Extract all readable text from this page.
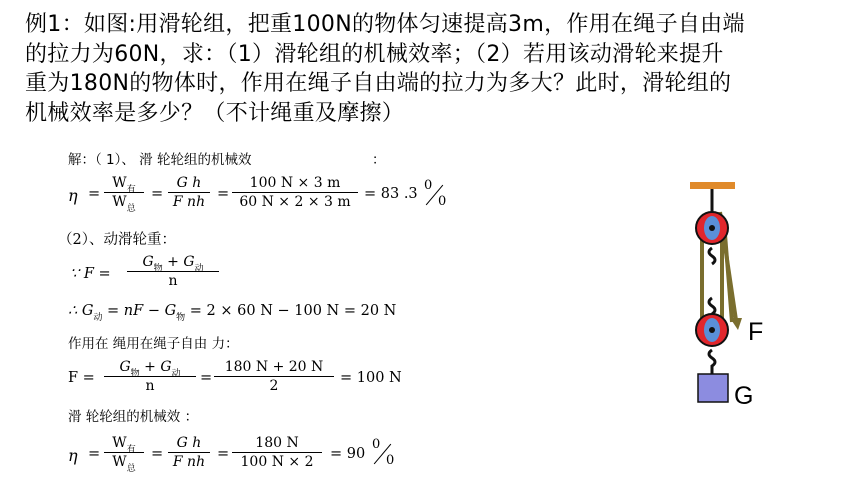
例1：如图:用滑轮组，把重100N的物体匀速提高3m，作用在绳子自由端
的拉力为60N，求：（1）滑轮组的机械效率；（2）若用该动滑轮来提升
重为180N的物体时，作用在绳子自由端的拉力为多大？此时，滑轮组的
机械效率是多少？（不计绳重及摩擦）
解：（ 1）、 滑 轮轮组的机械效	：
η =
$W_有$
$W_总$
= $\frac{\text{G h}}{\text{F nh}} = \frac{100 N \times 3 m}{60 N \times 2 \times 3 m} = 83$ .3
0
0
（2）、动滑轮重：
∵ F =
$G_物 + G_动$
n
∴ $G_动$ = nF − $G_物 = 2 \times 60$ N − 100 N = 20 N
作用在 绳用在绳子自由 力：
F =
$G_物 + G_动$
n	= $\frac{180 N + 20 N}{2} = 100$ N
滑 轮轮组的机械效 ：
η =
$W_有$
$W_总$
= $\frac{\text{G h}}{\text{F nh}} = \frac{180 N}{100 N \times 2} = 90$
0
0
F
G
